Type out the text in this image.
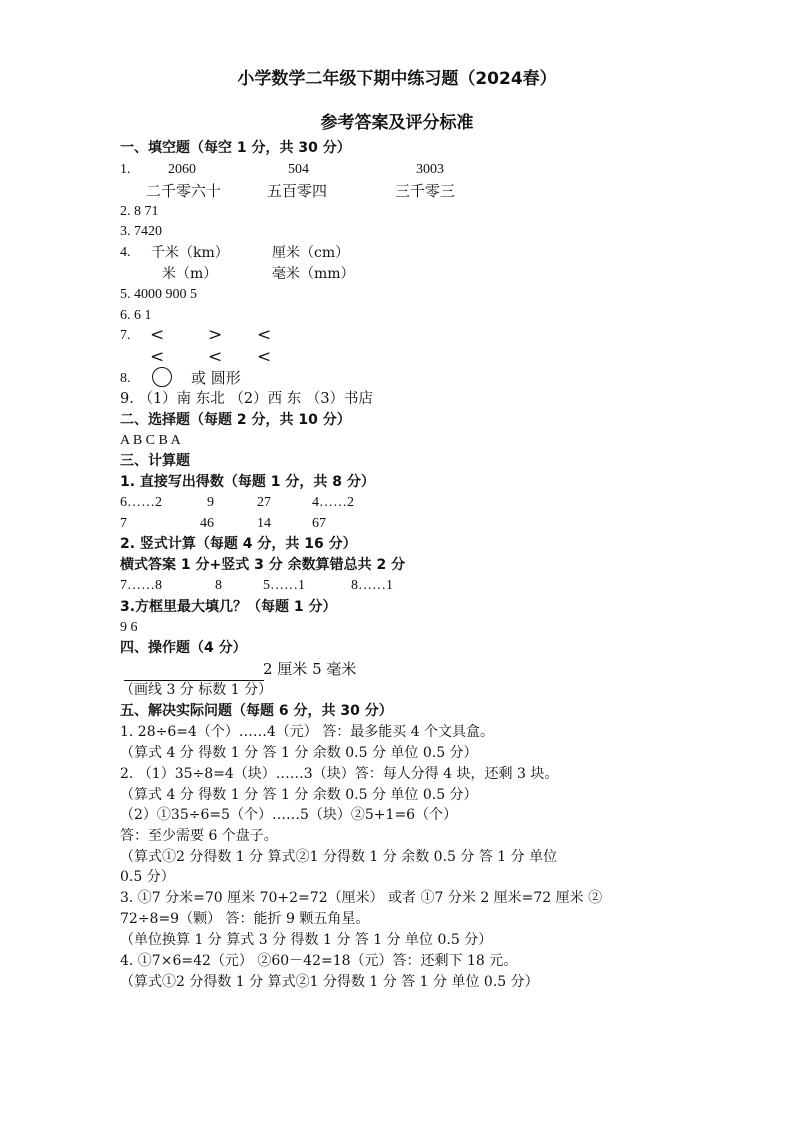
小学数学二年级下期中练习题（2024春）
参考答案及评分标准
一、填空题（每空 1 分，共 30 分）
1.	2060	504	3003
二千零六十	五百零四	三千零三
2. 8 71
3. 7420
4. 千米（km）	厘米（cm）
米（m）	毫米（mm）
5. 4000 900 5
6. 6 1
7. <	> <
<	< <
8.	或 圆形
9. （1）南 东北 （2）西 东 （3）书店
二、选择题（每题 2 分，共 10 分）
A B C B A
三、计算题
1. 直接写出得数（每题 1 分，共 8 分）
6……2	9	27	4……2
7	46	14	67
2. 竖式计算（每题 4 分，共 16 分）
横式答案 1 分+竖式 3 分 余数算错总共 2 分
7……8	8	5……1	8……1
3.方框里最大填几？（每题 1 分）
9 6
四、操作题（4 分）
2 厘米 5 毫米
（画线 3 分 标数 1 分）
五、解决实际问题（每题 6 分，共 30 分）
1. 28÷6=4（个）……4（元） 答：最多能买 4 个文具盒。
（算式 4 分 得数 1 分 答 1 分 余数 0.5 分 单位 0.5 分）
2. （1）35÷8=4（块）……3（块）答：每人分得 4 块，还剩 3 块。
（算式 4 分 得数 1 分 答 1 分 余数 0.5 分 单位 0.5 分）
（2）①35÷6=5（个）……5（块）②5+1=6（个）
答：至少需要 6 个盘子。
（算式①2 分得数 1 分 算式②1 分得数 1 分 余数 0.5 分 答 1 分 单位
0.5 分）
3. ①7 分米=70 厘米 70+2=72（厘米） 或者 ①7 分米 2 厘米=72 厘米 ②
72÷8=9（颗） 答：能折 9 颗五角星。
（单位换算 1 分 算式 3 分 得数 1 分 答 1 分 单位 0.5 分）
4. ①7×6=42（元） ②60－42=18（元）答：还剩下 18 元。
（算式①2 分得数 1 分 算式②1 分得数 1 分 答 1 分 单位 0.5 分）
